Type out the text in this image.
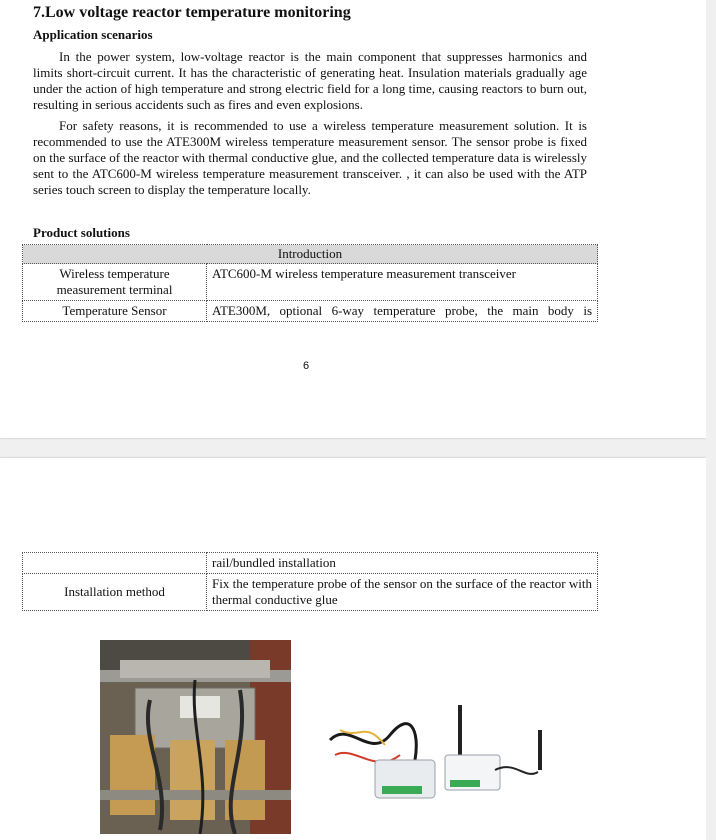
7.Low voltage reactor temperature monitoring
Application scenarios

In the power system, low-voltage reactor is the main component that suppresses harmonics and limits short-circuit current. It has the characteristic of generating heat. Insulation materials gradually age under the action of high temperature and strong electric field for a long time, causing reactors to burn out, resulting in serious accidents such as fires and even explosions.

For safety reasons, it is recommended to use a wireless temperature measurement solution. It is recommended to use the ATE300M wireless temperature measurement sensor. The sensor probe is fixed on the surface of the reactor with thermal conductive glue, and the collected temperature data is wirelessly sent to the ATC600-M wireless temperature measurement transceiver. , it can also be used with the ATP series touch screen to display the temperature locally.

Product solutions
Introduction	
Wireless temperature measurement terminal	ATC600-M wireless temperature measurement transceiver
Temperature Sensor	ATE300M, optional 6-way temperature probe, the main body is
6
	rail/bundled installation
Installation method	Fix the temperature probe of the sensor on the surface of the reactor with thermal conductive glue
